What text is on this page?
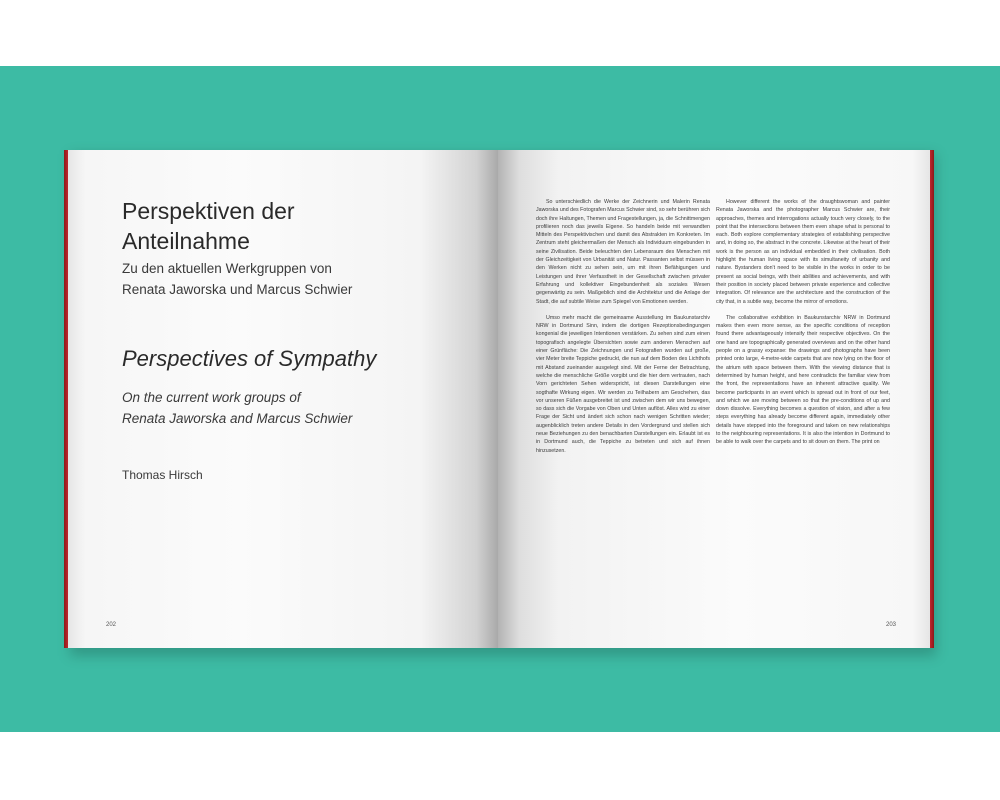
Perspektiven der
Anteilnahme
Zu den aktuellen Werkgruppen von
Renata Jaworska und Marcus Schwier
Perspectives of Sympathy
On the current work groups of
Renata Jaworska and Marcus Schwier

Thomas Hirsch

202

So unterschiedlich die Werke der Zeichnerin und Malerin Renata Jaworska und des Fotografen Marcus Schwier sind, so sehr berühren sich doch ihre Haltungen, Themen und Fragestellungen, ja, die Schnittmengen profilieren noch das jeweils Eigene. So handeln beide mit verwandten Mitteln des Perspektivischen und damit des Abstrakten im Konkreten. Im Zentrum steht gleichermaßen der Mensch als Individuum eingebunden in seine Zivilisation. Beide beleuchten den Lebensraum des Menschen mit der Gleichzeitigkeit von Urbanität und Natur. Passanten selbst müssen in den Werken nicht zu sehen sein, um mit ihren Befähigungen und Leistungen und ihrer Verfasstheit in der Gesellschaft zwischen privater Erfahrung und kollektiver Eingebundenheit als soziales Wesen gegenwärtig zu sein. Maßgeblich sind die Architektur und die Anlage der Stadt, die auf subtile Weise zum Spiegel von Emotionen werden.

Umso mehr macht die gemeinsame Ausstellung im Baukunstarchiv NRW in Dortmund Sinn, indem die dortigen Rezeptionsbedingungen kongenial die jeweiligen Intentionen verstärken. Zu sehen sind zum einen topografisch angelegte Übersichten sowie zum anderen Menschen auf einer Grünfläche: Die Zeichnungen und Fotografien wurden auf große, vier Meter breite Teppiche gedruckt, die nun auf dem Boden des Lichthofs mit Abstand zueinander ausgelegt sind. Mit der Ferne der Betrachtung, welche die menschliche Größe vorgibt und die hier dem vertrauten, nach Vorn gerichteten Sehen widerspricht, ist diesen Darstellungen eine sogthafte Wirkung eigen. Wir werden zu Teilhabern am Geschehen, das vor unseren Füßen ausgebreitet ist und zwischen dem wir uns bewegen, so dass sich die Vorgabe von Oben und Unten auflöst. Alles wird zu einer Frage der Sicht und ändert sich schon nach wenigen Schritten wieder; augenblicklich treten andere Details in den Vordergrund und stellen sich neue Beziehungen zu den benachbarten Darstellungen ein. Erlaubt ist es in Dortmund auch, die Teppiche zu betreten und sich auf ihnen hinzusetzen.

However different the works of the draughtswoman and painter Renata Jaworska and the photographer Marcus Schwier are, their approaches, themes and interrogations actually touch very closely, to the point that the intersections between them even shape what is personal to each. Both explore complementary strategies of establishing perspective and, in doing so, the abstract in the concrete. Likewise at the heart of their work is the person as an individual embedded in their civilisation. Both highlight the human living space with its simultaneity of urbanity and nature. Bystanders don't need to be visible in the works in order to be present as social beings, with their abilities and achievements, and with their position in society placed between private experience and collective integration. Of relevance are the architecture and the construction of the city that, in a subtle way, become the mirror of emotions.

The collaborative exhibition in Baukunstarchiv NRW in Dortmund makes then even more sense, as the specific conditions of reception found there advantageously intensify their respective objectives. On the one hand are topographically generated overviews and on the other hand people on a grassy expanse: the drawings and photographs have been printed onto large, 4-metre-wide carpets that are now lying on the floor of the atrium with space between them. With the viewing distance that is determined by human height, and here contradicts the familiar view from the front, the representations have an inherent attractive quality. We become participants in an event which is spread out in front of our feet, and which we are moving between so that the pre-conditions of up and down dissolve. Everything becomes a question of vision, and after a few steps everything has already become different again, immediately other details have stepped into the foreground and taken on new relationships to the neighbouring representations. It is also the intention in Dortmund to be able to walk over the carpets and to sit down on them. The print on

203
